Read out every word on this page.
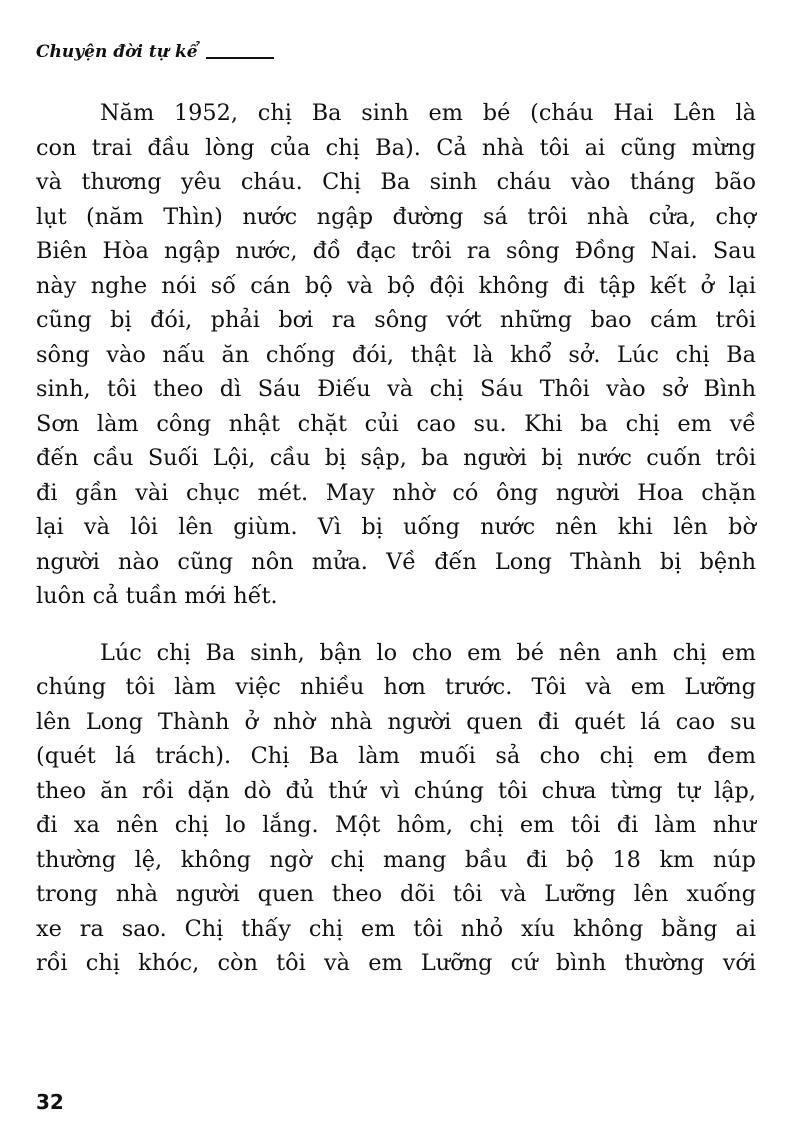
Chuyện đời tự kể

Năm 1952, chị Ba sinh em bé (cháu Hai Lên là
con trai đầu lòng của chị Ba). Cả nhà tôi ai cũng mừng
và thương yêu cháu. Chị Ba sinh cháu vào tháng bão
lụt (năm Thìn) nước ngập đường sá trôi nhà cửa, chợ
Biên Hòa ngập nước, đồ đạc trôi ra sông Đồng Nai. Sau
này nghe nói số cán bộ và bộ đội không đi tập kết ở lại
cũng bị đói, phải bơi ra sông vớt những bao cám trôi
sông vào nấu ăn chống đói, thật là khổ sở. Lúc chị Ba
sinh, tôi theo dì Sáu Điếu và chị Sáu Thôi vào sở Bình
Sơn làm công nhật chặt củi cao su. Khi ba chị em về
đến cầu Suối Lội, cầu bị sập, ba người bị nước cuốn trôi
đi gần vài chục mét. May nhờ có ông người Hoa chặn
lại và lôi lên giùm. Vì bị uống nước nên khi lên bờ
người nào cũng nôn mửa. Về đến Long Thành bị bệnh
luôn cả tuần mới hết.

Lúc chị Ba sinh, bận lo cho em bé nên anh chị em
chúng tôi làm việc nhiều hơn trước. Tôi và em Lưỡng
lên Long Thành ở nhờ nhà người quen đi quét lá cao su
(quét lá trách). Chị Ba làm muối sả cho chị em đem
theo ăn rồi dặn dò đủ thứ vì chúng tôi chưa từng tự lập,
đi xa nên chị lo lắng. Một hôm, chị em tôi đi làm như
thường lệ, không ngờ chị mang bầu đi bộ 18 km núp
trong nhà người quen theo dõi tôi và Lưỡng lên xuống
xe ra sao. Chị thấy chị em tôi nhỏ xíu không bằng ai
rồi chị khóc, còn tôi và em Lưỡng cứ bình thường với

32
